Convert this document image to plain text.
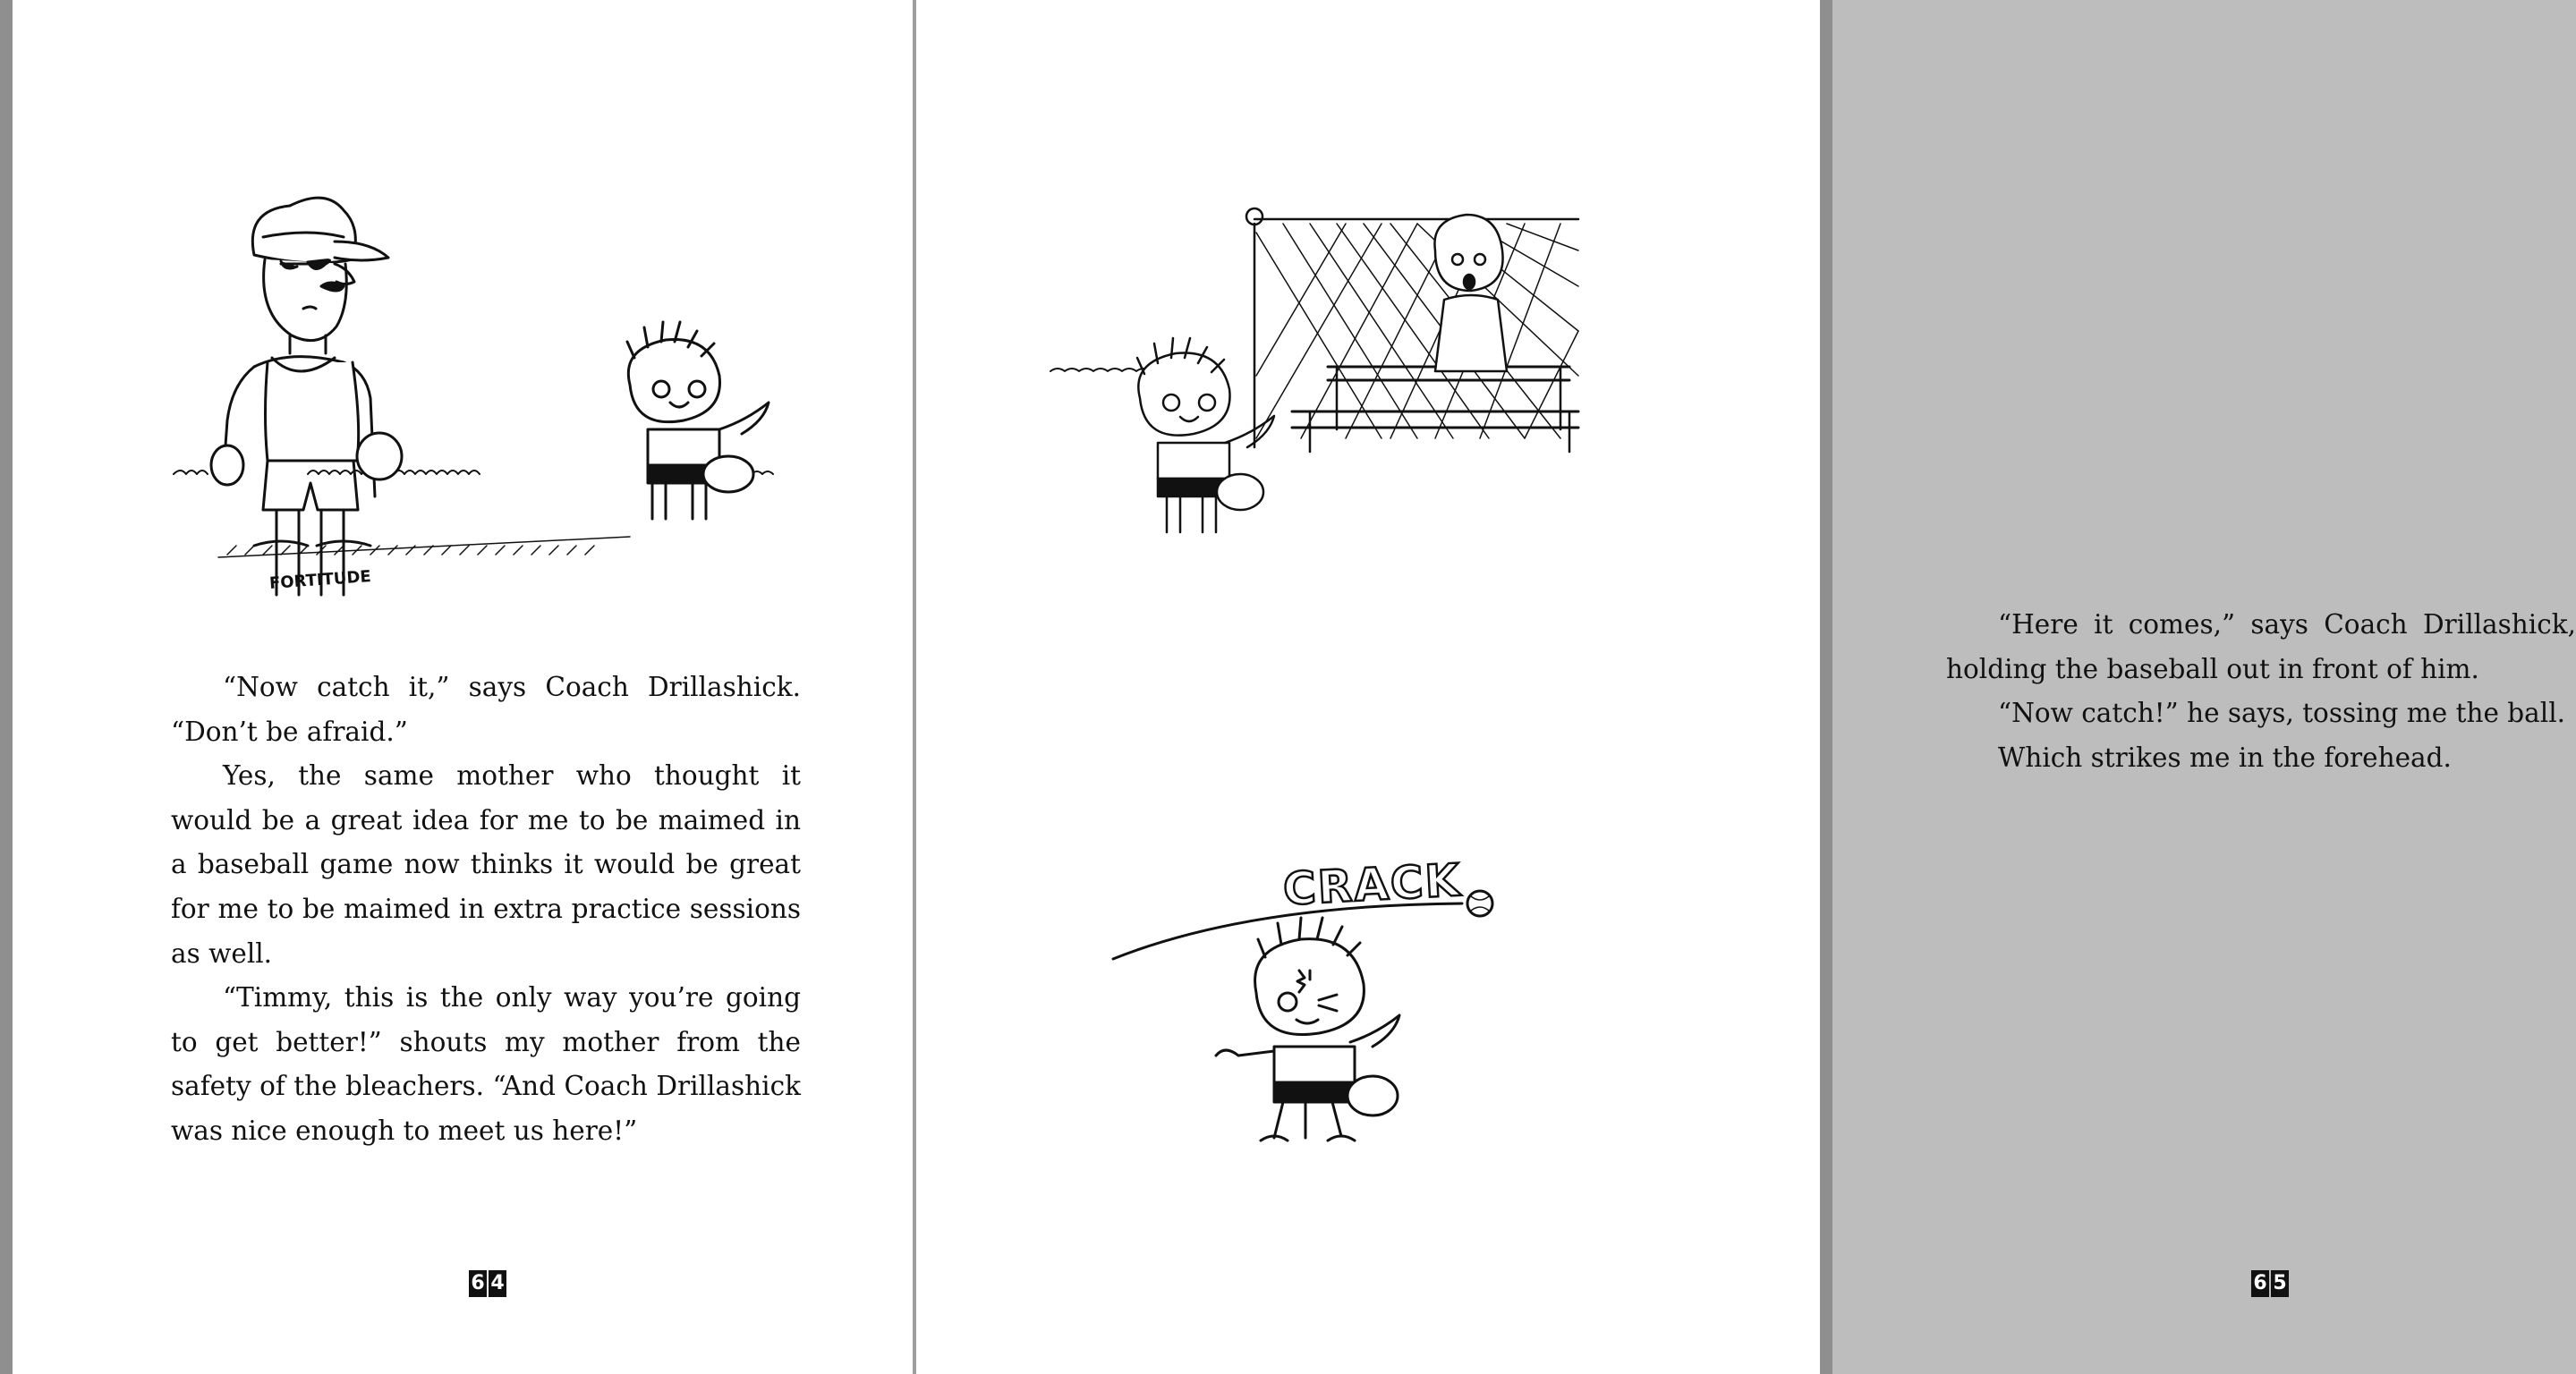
FORTITUDE

“Now catch it,” says Coach Drillashick. “Don’t be afraid.”

Yes, the same mother who thought it would be a great idea for me to be maimed in a baseball game now thinks it would be great for me to be maimed in extra practice sessions as well.

“Timmy, this is the only way you’re going to get better!” shouts my mother from the safety of the bleachers. “And Coach Drillashick was nice enough to meet us here!”

6 4

“Here it comes,” says Coach Drillashick, holding the baseball out in front of him.

“Now catch!” he says, tossing me the ball.

Which strikes me in the forehead.

CRACK
6 5
